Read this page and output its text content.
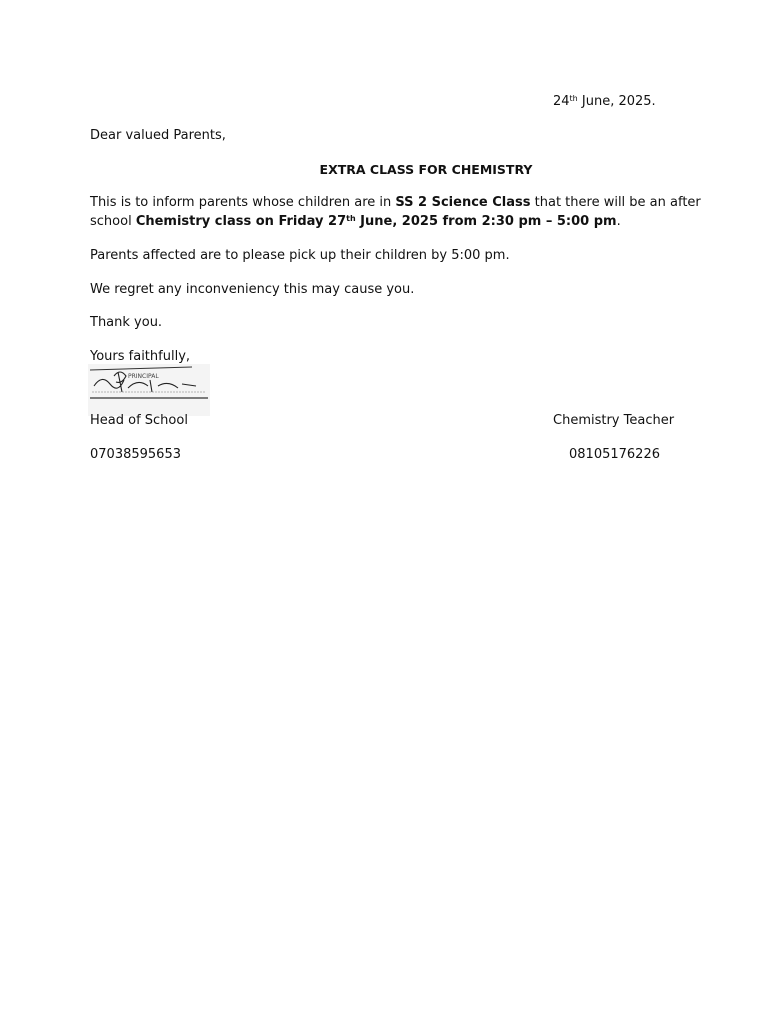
24th June, 2025.
Dear valued Parents,
EXTRA CLASS FOR CHEMISTRY
This is to inform parents whose children are in SS 2 Science Class that there will be an after
school Chemistry class on Friday 27th June, 2025 from 2:30 pm – 5:00 pm.
Parents affected are to please pick up their children by 5:00 pm.
We regret any inconveniency this may cause you.
Thank you.
Yours faithfully,
PRINCIPAL
Head of School	Chemistry Teacher
07038595653	08105176226
